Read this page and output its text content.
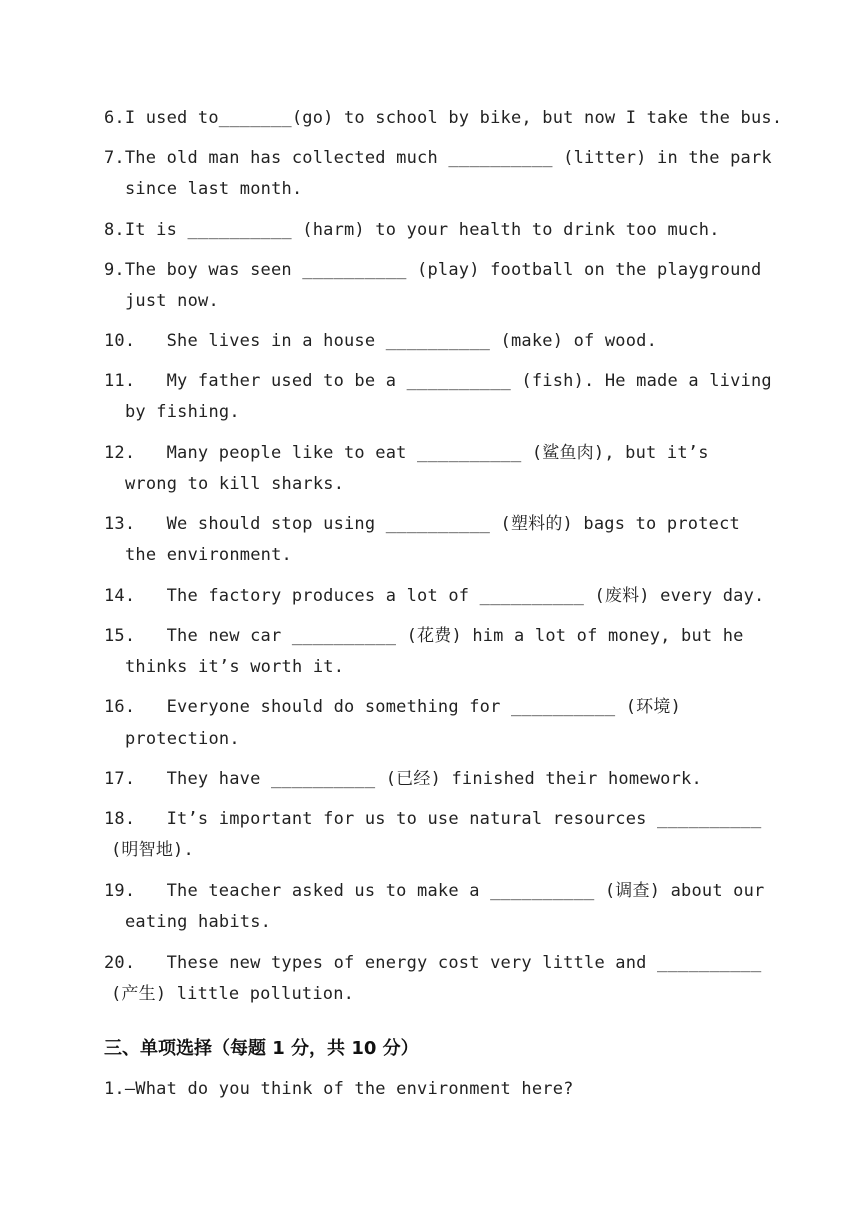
6.I used to_______(go) to school by bike, but now I take the bus.
7.The old man has collected much __________ (litter) in the park
since last month.
8.It is __________ (harm) to your health to drink too much.
9.The boy was seen __________ (play) football on the playground
just now.
10.   She lives in a house __________ (make) of wood.
11.   My father used to be a __________ (fish). He made a living
by fishing.
12.   Many people like to eat __________ (鲨鱼肉), but it’s
wrong to kill sharks.
13.   We should stop using __________ (塑料的) bags to protect
the environment.
14.   The factory produces a lot of __________ (废料) every day.
15.   The new car __________ (花费) him a lot of money, but he
thinks it’s worth it.
16.   Everyone should do something for __________ (环境)
protection.
17.   They have __________ (已经) finished their homework.
18.   It’s important for us to use natural resources __________
(明智地).
19.   The teacher asked us to make a __________ (调查) about our
eating habits.
20.   These new types of energy cost very little and __________
(产生) little pollution.
三、单项选择（每题 1 分，共 10 分）
1.—What do you think of the environment here?
